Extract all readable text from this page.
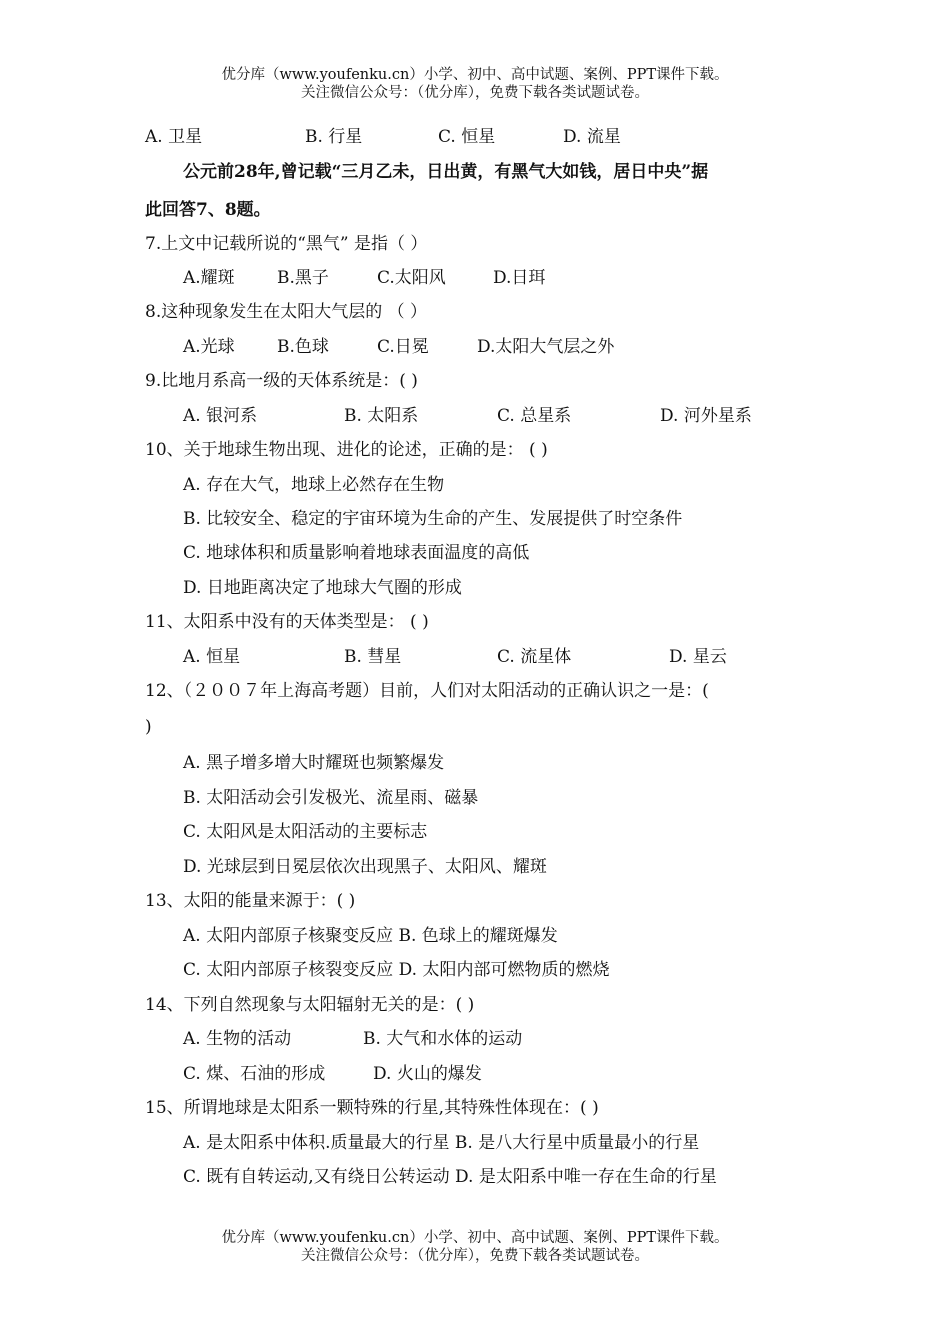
优分库（www.youfenku.cn）小学、初中、高中试题、案例、PPT课件下载。
关注微信公众号：（优分库），免费下载各类试题试卷。
A. 卫星	B. 行星	C. 恒星	D. 流星
公元前28年,曾记载“三月乙未，日出黄，有黑气大如钱，居日中央”据
此回答7、8题。
7.上文中记载所说的“黑气” 是指（ ）
A.耀斑 B.黑子	C.太阳风	D.日珥
8.这种现象发生在太阳大气层的 （ ）
A.光球 B.色球	C.日冕	D.太阳大气层之外
9.比地月系高一级的天体系统是：( )
A. 银河系	B. 太阳系	C. 总星系	D. 河外星系
10、关于地球生物出现、进化的论述，正确的是： ( )
A. 存在大气，地球上必然存在生物
B. 比较安全、稳定的宇宙环境为生命的产生、发展提供了时空条件
C. 地球体积和质量影响着地球表面温度的高低
D. 日地距离决定了地球大气圈的形成
11、太阳系中没有的天体类型是： ( )
A. 恒星	B. 彗星	C. 流星体	D. 星云
12、（２００７年上海高考题）目前，人们对太阳活动的正确认识之一是：(
)
A. 黑子增多增大时耀斑也频繁爆发
B. 太阳活动会引发极光、流星雨、磁暴
C. 太阳风是太阳活动的主要标志
D. 光球层到日冕层依次出现黑子、太阳风、耀斑
13、太阳的能量来源于：( )
A. 太阳内部原子核聚变反应 B. 色球上的耀斑爆发
C. 太阳内部原子核裂变反应 D. 太阳内部可燃物质的燃烧
14、下列自然现象与太阳辐射无关的是：( )
A. 生物的活动	B. 大气和水体的运动
C. 煤、石油的形成	D. 火山的爆发
15、所谓地球是太阳系一颗特殊的行星,其特殊性体现在：( )
A. 是太阳系中体积.质量最大的行星 B. 是八大行星中质量最小的行星
C. 既有自转运动,又有绕日公转运动 D. 是太阳系中唯一存在生命的行星
优分库（www.youfenku.cn）小学、初中、高中试题、案例、PPT课件下载。
关注微信公众号：（优分库），免费下载各类试题试卷。
